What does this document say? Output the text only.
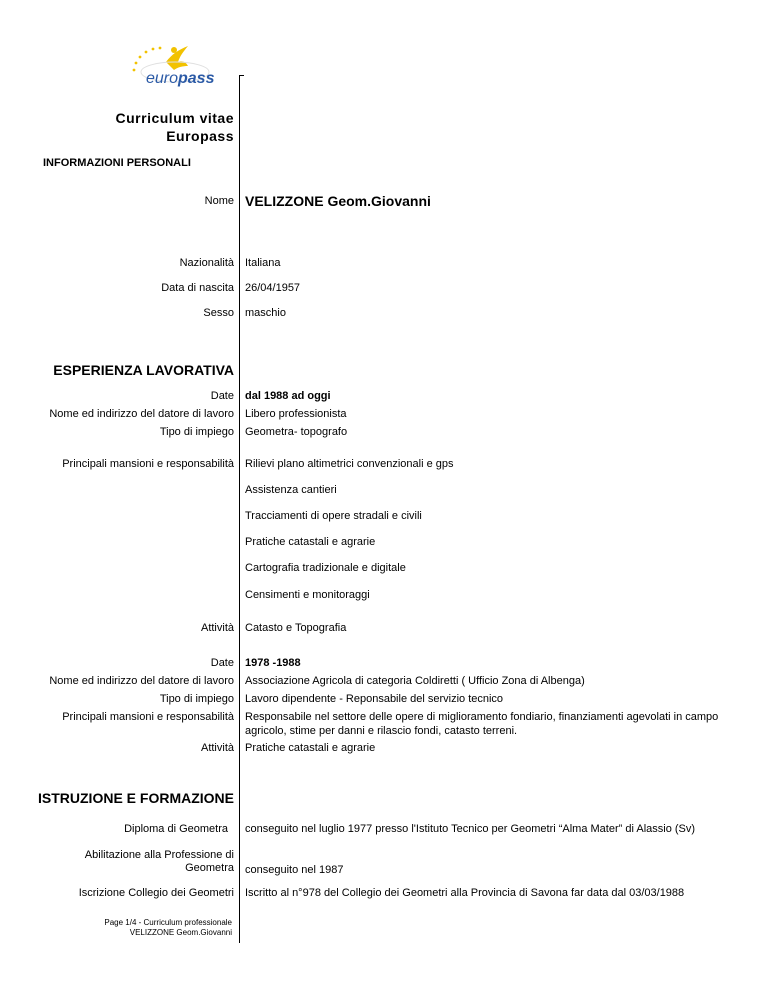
euro pass
Curriculum vitae
Europass
INFORMAZIONI PERSONALI
Nome VELIZZONE Geom.Giovanni
Nazionalità Italiana
Data di nascita 26/04/1957
Sesso maschio
ESPERIENZA LAVORATIVA
Date dal 1988 ad oggi
Nome ed indirizzo del datore di lavoro Libero professionista
Tipo di impiego Geometra- topografo
Principali mansioni e responsabilità Rilievi plano altimetrici convenzionali e gps
Assistenza cantieri
Tracciamenti di opere stradali e civili
Pratiche catastali e agrarie
Cartografia tradizionale e digitale
Censimenti e monitoraggi
Attività Catasto e Topografia
Date 1978 -1988
Nome ed indirizzo del datore di lavoro Associazione Agricola di categoria Coldiretti ( Ufficio Zona di Albenga)
Tipo di impiego Lavoro dipendente - Reponsabile del servizio tecnico
Principali mansioni e responsabilità Responsabile nel settore delle opere di miglioramento fondiario, finanziamenti agevolati in campo agricolo, stime per danni e rilascio fondi, catasto terreni.
Attività Pratiche catastali e agrarie
ISTRUZIONE E FORMAZIONE
Diploma di Geometra conseguito nel luglio 1977 presso l'Istituto Tecnico per Geometri “Alma Mater” di Alassio (Sv)
Abilitazione alla Professione di
Geometra conseguito nel 1987
Iscrizione Collegio dei Geometri Iscritto al n°978 del Collegio dei Geometri alla Provincia di Savona far data dal 03/03/1988
Page 1/4 - Curriculum professionale
VELIZZONE Geom.Giovanni
